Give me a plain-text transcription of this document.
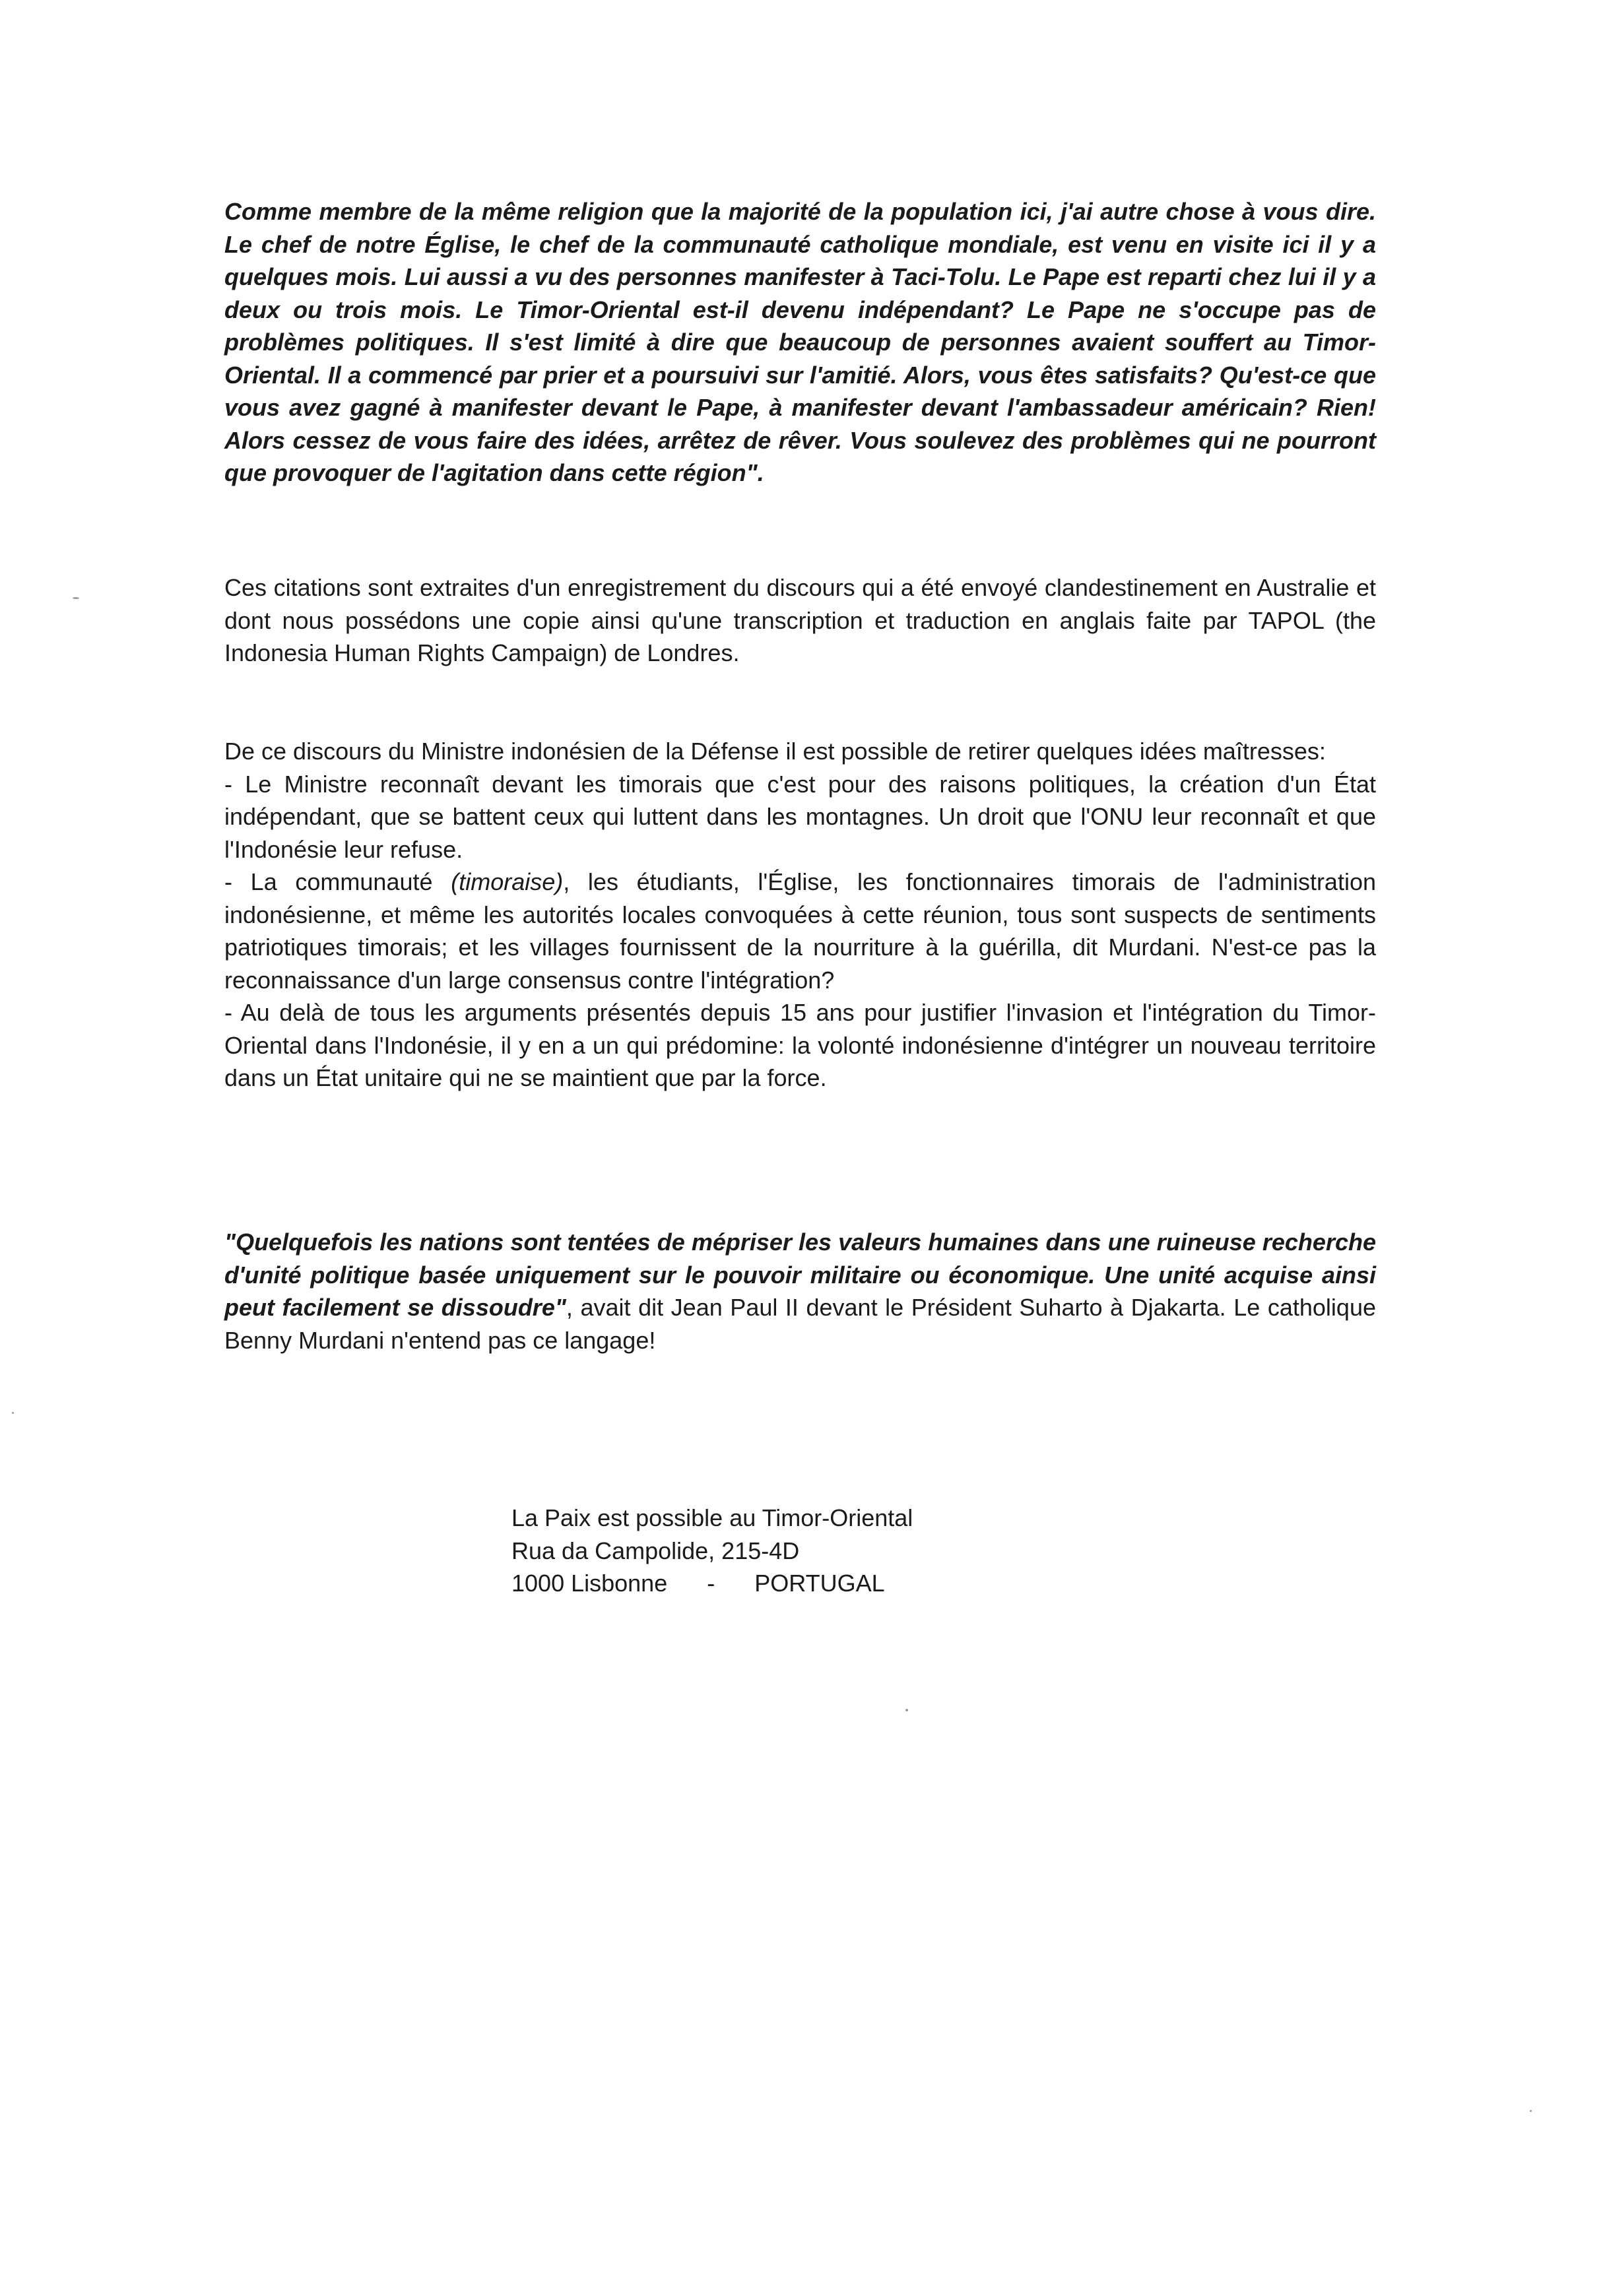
Comme membre de la même religion que la majorité de la population ici, j'ai autre chose à vous dire. Le chef de notre Église, le chef de la communauté catholique mondiale, est venu en visite ici il y a quelques mois. Lui aussi a vu des personnes manifester à Taci-Tolu. Le Pape est reparti chez lui il y a deux ou trois mois. Le Timor-Oriental est-il devenu indépendant? Le Pape ne s'occupe pas de problèmes politiques. Il s'est limité à dire que beaucoup de personnes avaient souffert au Timor-Oriental. Il a commencé par prier et a poursuivi sur l'amitié. Alors, vous êtes satisfaits? Qu'est-ce que vous avez gagné à manifester devant le Pape, à manifester devant l'ambassadeur américain? Rien! Alors cessez de vous faire des idées, arrêtez de rêver. Vous soulevez des problèmes qui ne pourront que provoquer de l'agitation dans cette région".

Ces citations sont extraites d'un enregistrement du discours qui a été envoyé clandestinement en Australie et dont nous possédons une copie ainsi qu'une transcription et traduction en anglais faite par TAPOL (the Indonesia Human Rights Campaign) de Londres.

De ce discours du Ministre indonésien de la Défense il est possible de retirer quelques idées maîtresses:
- Le Ministre reconnaît devant les timorais que c'est pour des raisons politiques, la création d'un État indépendant, que se battent ceux qui luttent dans les montagnes. Un droit que l'ONU leur reconnaît et que l'Indonésie leur refuse.
- La communauté (timoraise), les étudiants, l'Église, les fonctionnaires timorais de l'administration indonésienne, et même les autorités locales convoquées à cette réunion, tous sont suspects de sentiments patriotiques timorais; et les villages fournissent de la nourriture à la guérilla, dit Murdani. N'est-ce pas la reconnaissance d'un large consensus contre l'intégration?
- Au delà de tous les arguments présentés depuis 15 ans pour justifier l'invasion et l'intégration du Timor-Oriental dans l'Indonésie, il y en a un qui prédomine: la volonté indonésienne d'intégrer un nouveau territoire dans un État unitaire qui ne se maintient que par la force.

"Quelquefois les nations sont tentées de mépriser les valeurs humaines dans une ruineuse recherche d'unité politique basée uniquement sur le pouvoir militaire ou économique. Une unité acquise ainsi peut facilement se dissoudre", avait dit Jean Paul II devant le Président Suharto à Djakarta. Le catholique Benny Murdani n'entend pas ce langage!

La Paix est possible au Timor-Oriental
Rua da Campolide, 215-4D
1000 Lisbonne      -      PORTUGAL
